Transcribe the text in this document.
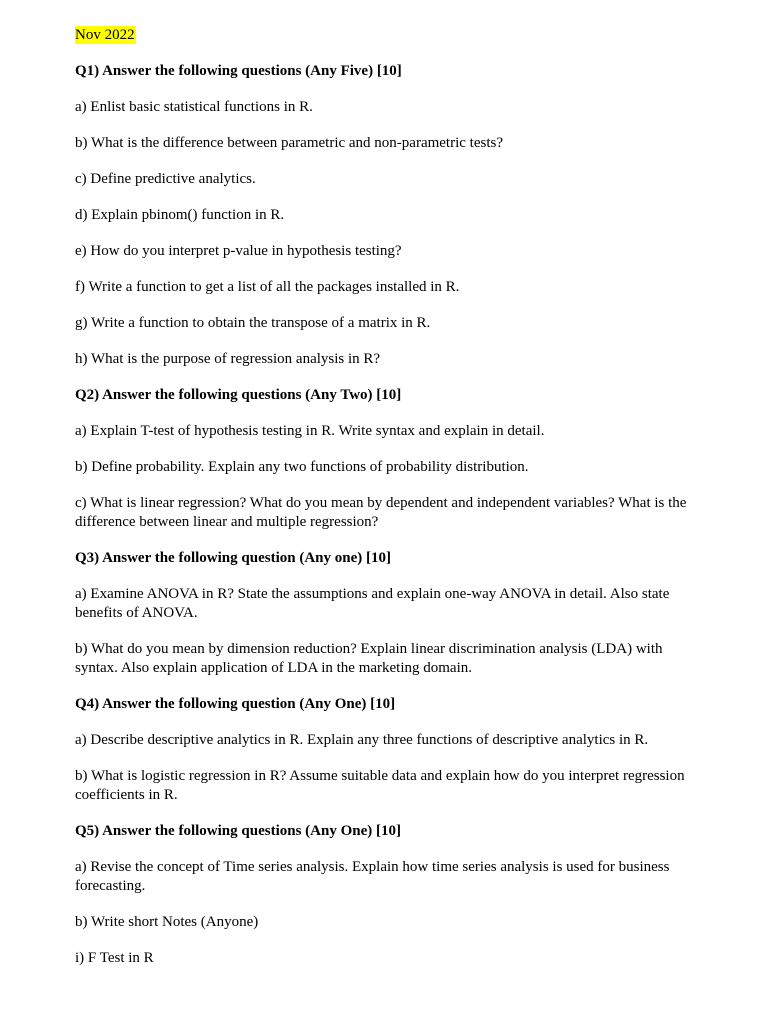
Nov 2022
Q1) Answer the following questions (Any Five) [10]
a) Enlist basic statistical functions in R.
b) What is the difference between parametric and non-parametric tests?
c) Define predictive analytics.
d) Explain pbinom() function in R.
e) How do you interpret p-value in hypothesis testing?
f) Write a function to get a list of all the packages installed in R.
g) Write a function to obtain the transpose of a matrix in R.
h) What is the purpose of regression analysis in R?
Q2) Answer the following questions (Any Two) [10]
a) Explain T-test of hypothesis testing in R. Write syntax and explain in detail.
b) Define probability. Explain any two functions of probability distribution.
c) What is linear regression? What do you mean by dependent and independent variables? What is the difference between linear and multiple regression?
Q3) Answer the following question (Any one) [10]
a) Examine ANOVA in R? State the assumptions and explain one-way ANOVA in detail. Also state benefits of ANOVA.
b) What do you mean by dimension reduction? Explain linear discrimination analysis (LDA) with syntax. Also explain application of LDA in the marketing domain.
Q4) Answer the following question (Any One) [10]
a) Describe descriptive analytics in R. Explain any three functions of descriptive analytics in R.
b) What is logistic regression in R? Assume suitable data and explain how do you interpret regression coefficients in R.
Q5) Answer the following questions (Any One) [10]
a) Revise the concept of Time series analysis. Explain how time series analysis is used for business forecasting.
b) Write short Notes (Anyone)
i) F Test in R
